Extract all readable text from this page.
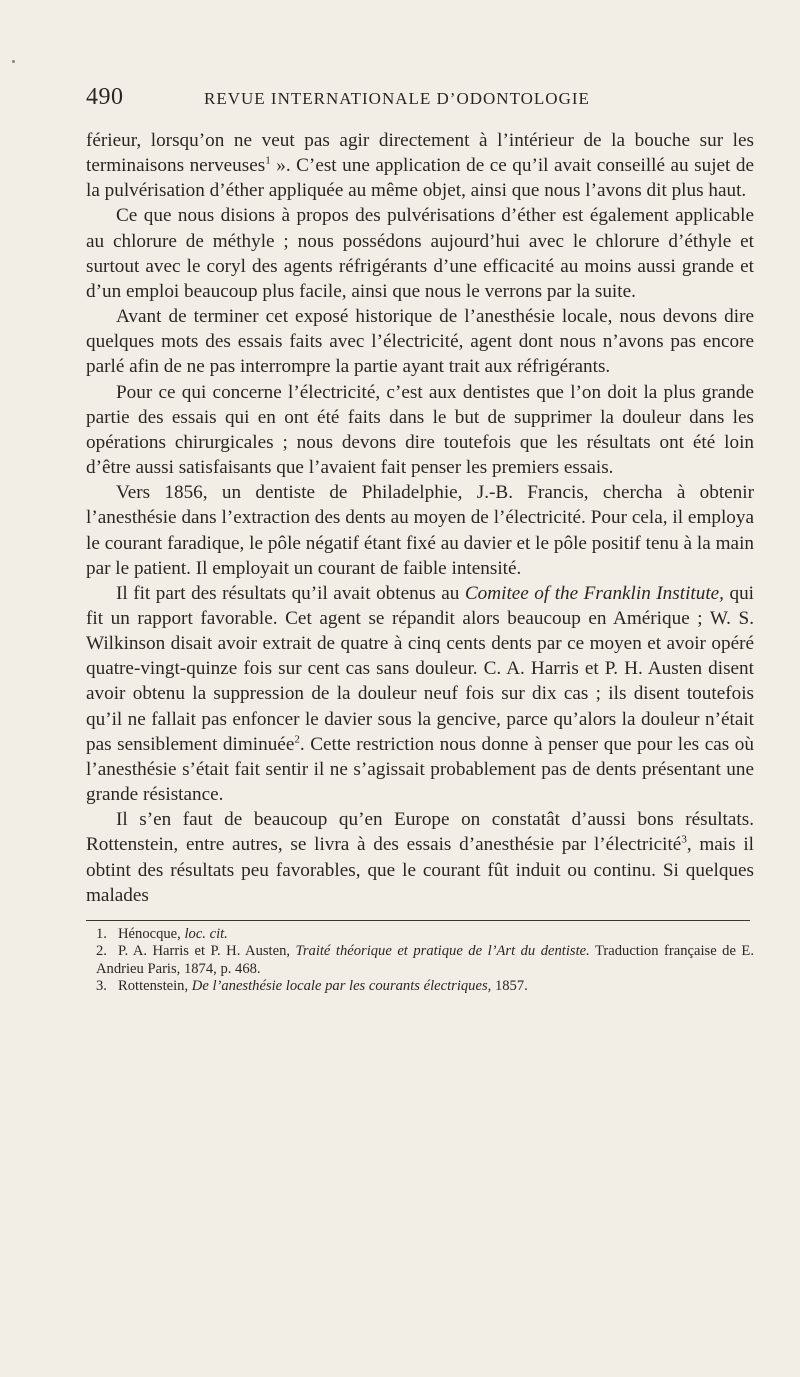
490	REVUE INTERNATIONALE D’ODONTOLOGIE

férieur, lorsqu’on ne veut pas agir directement à l’intérieur de la bouche sur les terminaisons nerveuses$^1$ ». C’est une application de ce qu’il avait conseillé au sujet de la pulvérisation d’éther appliquée au même objet, ainsi que nous l’avons dit plus haut.

Ce que nous disions à propos des pulvérisations d’éther est également applicable au chlorure de méthyle ; nous possédons aujourd’hui avec le chlorure d’éthyle et surtout avec le coryl des agents réfrigérants d’une efficacité au moins aussi grande et d’un emploi beaucoup plus facile, ainsi que nous le verrons par la suite.

Avant de terminer cet exposé historique de l’anesthésie locale, nous devons dire quelques mots des essais faits avec l’électricité, agent dont nous n’avons pas encore parlé afin de ne pas interrompre la partie ayant trait aux réfrigérants.

Pour ce qui concerne l’électricité, c’est aux dentistes que l’on doit la plus grande partie des essais qui en ont été faits dans le but de supprimer la douleur dans les opérations chirurgicales ; nous devons dire toutefois que les résultats ont été loin d’être aussi satisfaisants que l’avaient fait penser les premiers essais.

Vers 1856, un dentiste de Philadelphie, J.-B. Francis, chercha à obtenir l’anesthésie dans l’extraction des dents au moyen de l’électricité. Pour cela, il employa le courant faradique, le pôle négatif étant fixé au davier et le pôle positif tenu à la main par le patient. Il employait un courant de faible intensité.

Il fit part des résultats qu’il avait obtenus au Comitee of the Franklin Institute, qui fit un rapport favorable. Cet agent se répandit alors beaucoup en Amérique ; W. S. Wilkinson disait avoir extrait de quatre à cinq cents dents par ce moyen et avoir opéré quatre-vingt-quinze fois sur cent cas sans douleur. C. A. Harris et P. H. Austen disent avoir obtenu la suppression de la douleur neuf fois sur dix cas ; ils disent toutefois qu’il ne fallait pas enfoncer le davier sous la gencive, parce qu’alors la douleur n’était pas sensiblement diminuée$^2$. Cette restriction nous donne à penser que pour les cas où l’anesthésie s’était fait sentir il ne s’agissait probablement pas de dents présentant une grande résistance.

Il s’en faut de beaucoup qu’en Europe on constatât d’aussi bons résultats. Rottenstein, entre autres, se livra à des essais d’anesthésie par l’électricité$^3$, mais il obtint des résultats peu favorables, que le courant fût induit ou continu. Si quelques malades

1. Hénocque, loc. cit.
2. P. A. Harris et P. H. Austen, Traité théorique et pratique de l’Art du dentiste. Traduction française de E. Andrieu Paris, 1874, p. 468.
3. Rottenstein, De l’anesthésie locale par les courants électriques, 1857.
